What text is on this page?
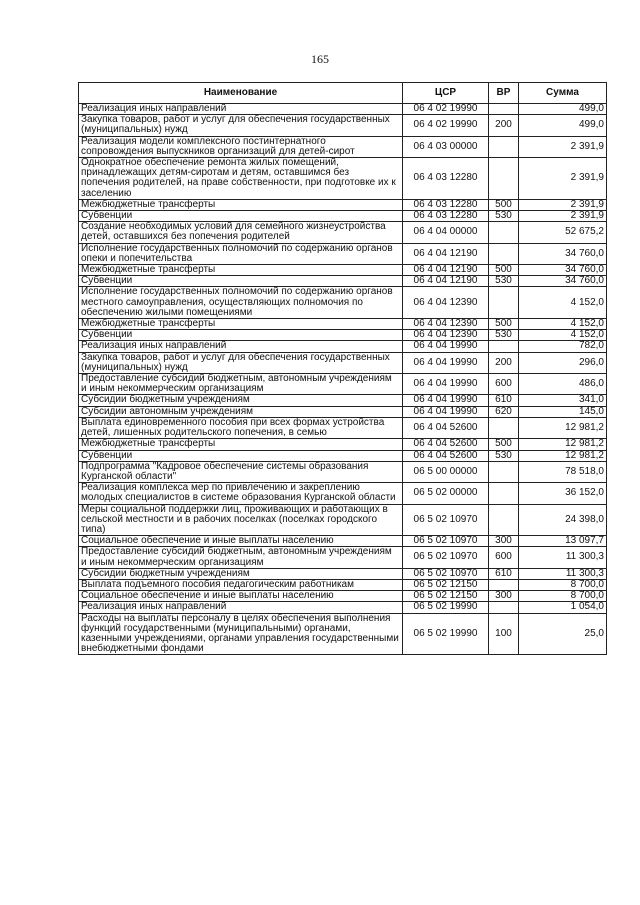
165
Наименование	ЦСР	ВР	Сумма
Реализация иных направлений	06 4 02 19990		499,0
Закупка товаров, работ и услуг для обеспечения государственных (муниципальных) нужд	06 4 02 19990	200	499,0
Реализация модели комплексного постинтернатного сопровождения выпускников организаций для детей-сирот	06 4 03 00000		2 391,9
Однократное обеспечение ремонта жилых помещений, принадлежащих детям-сиротам и детям, оставшимся без попечения родителей, на праве собственности, при подготовке их к заселению	06 4 03 12280		2 391,9
Межбюджетные трансферты	06 4 03 12280	500	2 391,9
Субвенции	06 4 03 12280	530	2 391,9
Создание необходимых условий для семейного жизнеустройства детей, оставшихся без попечения родителей	06 4 04 00000		52 675,2
Исполнение государственных полномочий по содержанию органов опеки и попечительства	06 4 04 12190		34 760,0
Межбюджетные трансферты	06 4 04 12190	500	34 760,0
Субвенции	06 4 04 12190	530	34 760,0
Исполнение государственных полномочий по содержанию органов местного самоуправления, осуществляющих полномочия по обеспечению жилыми помещениями	06 4 04 12390		4 152,0
Межбюджетные трансферты	06 4 04 12390	500	4 152,0
Субвенции	06 4 04 12390	530	4 152,0
Реализация иных направлений	06 4 04 19990		782,0
Закупка товаров, работ и услуг для обеспечения государственных (муниципальных) нужд	06 4 04 19990	200	296,0
Предоставление субсидий бюджетным, автономным учреждениям и иным некоммерческим организациям	06 4 04 19990	600	486,0
Субсидии бюджетным учреждениям	06 4 04 19990	610	341,0
Субсидии автономным учреждениям	06 4 04 19990	620	145,0
Выплата единовременного пособия при всех формах устройства детей, лишенных родительского попечения, в семью	06 4 04 52600		12 981,2
Межбюджетные трансферты	06 4 04 52600	500	12 981,2
Субвенции	06 4 04 52600	530	12 981,2
Подпрограмма "Кадровое обеспечение системы образования Курганской области"	06 5 00 00000		78 518,0
Реализация комплекса мер по привлечению и закреплению молодых специалистов в системе образования Курганской области	06 5 02 00000		36 152,0
Меры социальной поддержки лиц, проживающих и работающих в сельской местности и в рабочих поселках (поселках городского типа)	06 5 02 10970		24 398,0
Социальное обеспечение и иные выплаты населению	06 5 02 10970	300	13 097,7
Предоставление субсидий бюджетным, автономным учреждениям и иным некоммерческим организациям	06 5 02 10970	600	11 300,3
Субсидии бюджетным учреждениям	06 5 02 10970	610	11 300,3
Выплата подъемного пособия педагогическим работникам	06 5 02 12150		8 700,0
Социальное обеспечение и иные выплаты населению	06 5 02 12150	300	8 700,0
Реализация иных направлений	06 5 02 19990		1 054,0
Расходы на выплаты персоналу в целях обеспечения выполнения функций государственными (муниципальными) органами, казенными учреждениями, органами управления государственными внебюджетными фондами	06 5 02 19990	100	25,0
